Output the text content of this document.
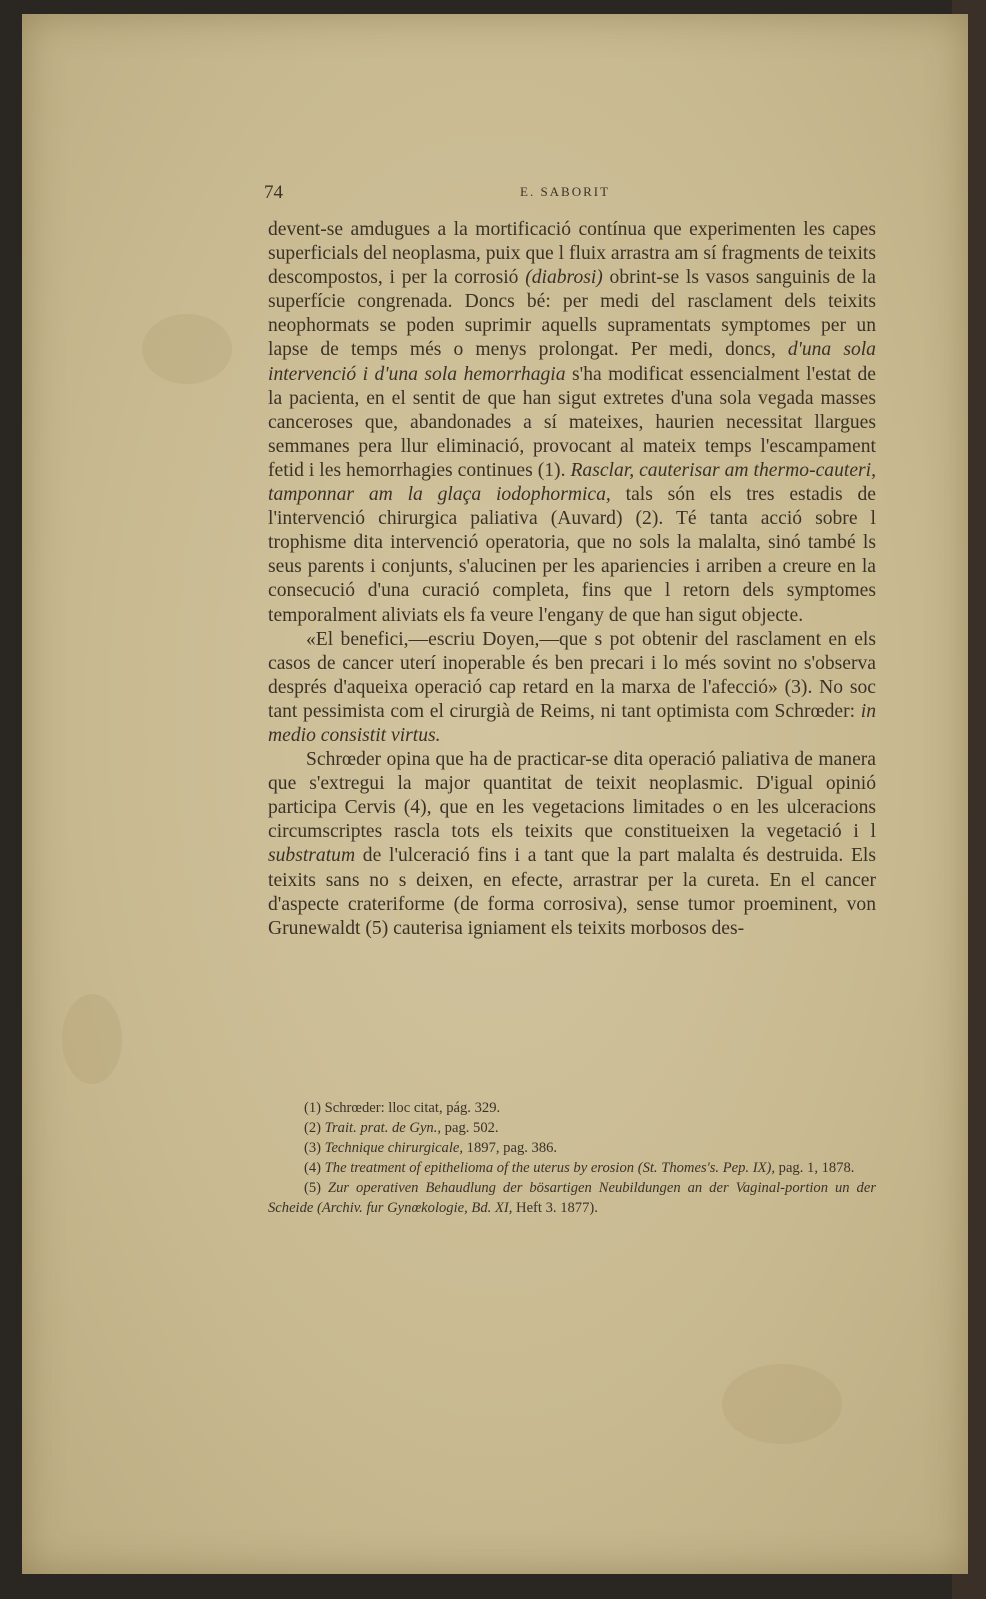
74	E. SABORIT

devent-se amdugues a la mortificació contínua que experimenten les capes superficials del neoplasma, puix que l fluix arrastra am sí fragments de teixits descompostos, i per la corrosió (diabrosi) obrint-se ls vasos sanguinis de la superfície congrenada. Doncs bé: per medi del rasclament dels teixits neophormats se poden suprimir aquells supramentats symptomes per un lapse de temps més o menys prolongat. Per medi, doncs, d'una sola intervenció i d'una sola hemorrhagia s'ha modificat essencialment l'estat de la pacienta, en el sentit de que han sigut extretes d'una sola vegada masses canceroses que, abandonades a sí mateixes, haurien necessitat llargues semmanes pera llur eliminació, provocant al mateix temps l'escampament fetid i les hemorrhagies continues (1). Rasclar, cauterisar am thermo-cauteri, tamponnar am la glaça iodophormica, tals són els tres estadis de l'intervenció chirurgica paliativa (Auvard) (2). Té tanta acció sobre l trophisme dita intervenció operatoria, que no sols la malalta, sinó també ls seus parents i conjunts, s'alucinen per les apariencies i arriben a creure en la consecució d'una curació completa, fins que l retorn dels symptomes temporalment aliviats els fa veure l'engany de que han sigut objecte.

«El benefici,—escriu Doyen,—que s pot obtenir del rasclament en els casos de cancer uterí inoperable és ben precari i lo més sovint no s'observa després d'aqueixa operació cap retard en la marxa de l'afecció» (3). No soc tant pessimista com el cirurgià de Reims, ni tant optimista com Schrœder: in medio consistit virtus.

Schrœder opina que ha de practicar-se dita operació paliativa de manera que s'extregui la major quantitat de teixit neoplasmic. D'igual opinió participa Cervis (4), que en les vegetacions limitades o en les ulceracions circumscriptes rascla tots els teixits que constitueixen la vegetació i l substratum de l'ulceració fins i a tant que la part malalta és destruida. Els teixits sans no s deixen, en efecte, arrastrar per la cureta. En el cancer d'aspecte crateriforme (de forma corrosiva), sense tumor proeminent, von Grunewaldt (5) cauterisa igniament els teixits morbosos des-

(1) Schrœder: lloc citat, pág. 329.

(2) Trait. prat. de Gyn., pag. 502.

(3) Technique chirurgicale, 1897, pag. 386.

(4) The treatment of epithelioma of the uterus by erosion (St. Thomes's. Pep. IX), pag. 1, 1878.

(5) Zur operativen Behaudlung der bösartigen Neubildungen an der Vaginal-portion un der Scheide (Archiv. fur Gynœkologie, Bd. XI, Heft 3. 1877).
